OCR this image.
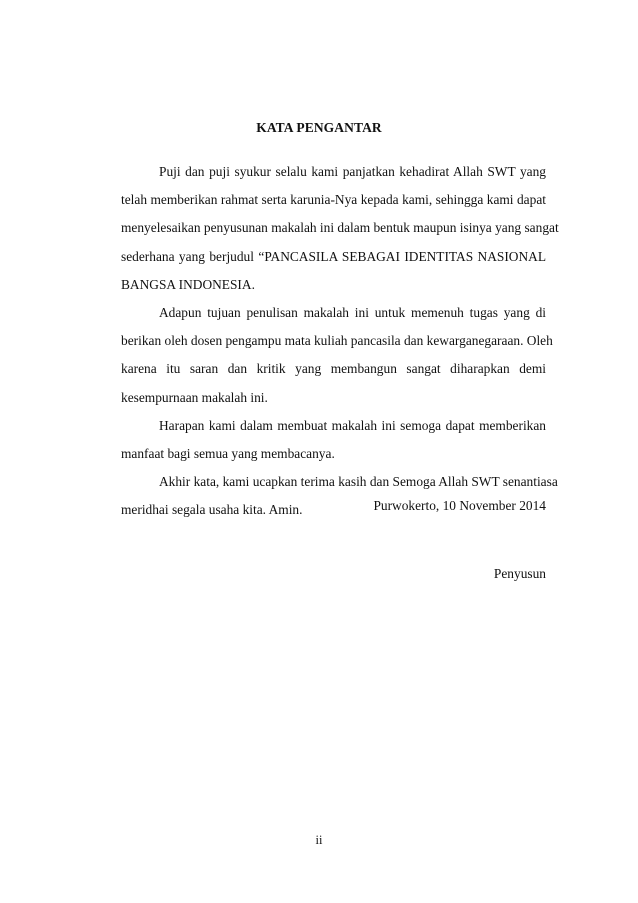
KATA PENGANTAR

Puji dan puji syukur selalu kami panjatkan kehadirat Allah SWT yang
telah memberikan rahmat serta karunia-Nya kepada kami, sehingga kami dapat
menyelesaikan penyusunan makalah ini dalam bentuk maupun isinya yang sangat
sederhana yang berjudul “PANCASILA SEBAGAI IDENTITAS NASIONAL
BANGSA INDONESIA.

Adapun tujuan penulisan makalah ini untuk memenuh tugas yang di
berikan oleh dosen pengampu mata kuliah pancasila dan kewarganegaraan. Oleh
karena itu saran dan kritik yang membangun sangat diharapkan demi
kesempurnaan makalah ini.

Harapan kami dalam membuat makalah ini semoga dapat memberikan
manfaat bagi semua yang membacanya.

Akhir kata, kami ucapkan terima kasih dan Semoga Allah SWT senantiasa
meridhai segala usaha kita. Amin.	Purwokerto, 10 November 2014

Penyusun

ii
